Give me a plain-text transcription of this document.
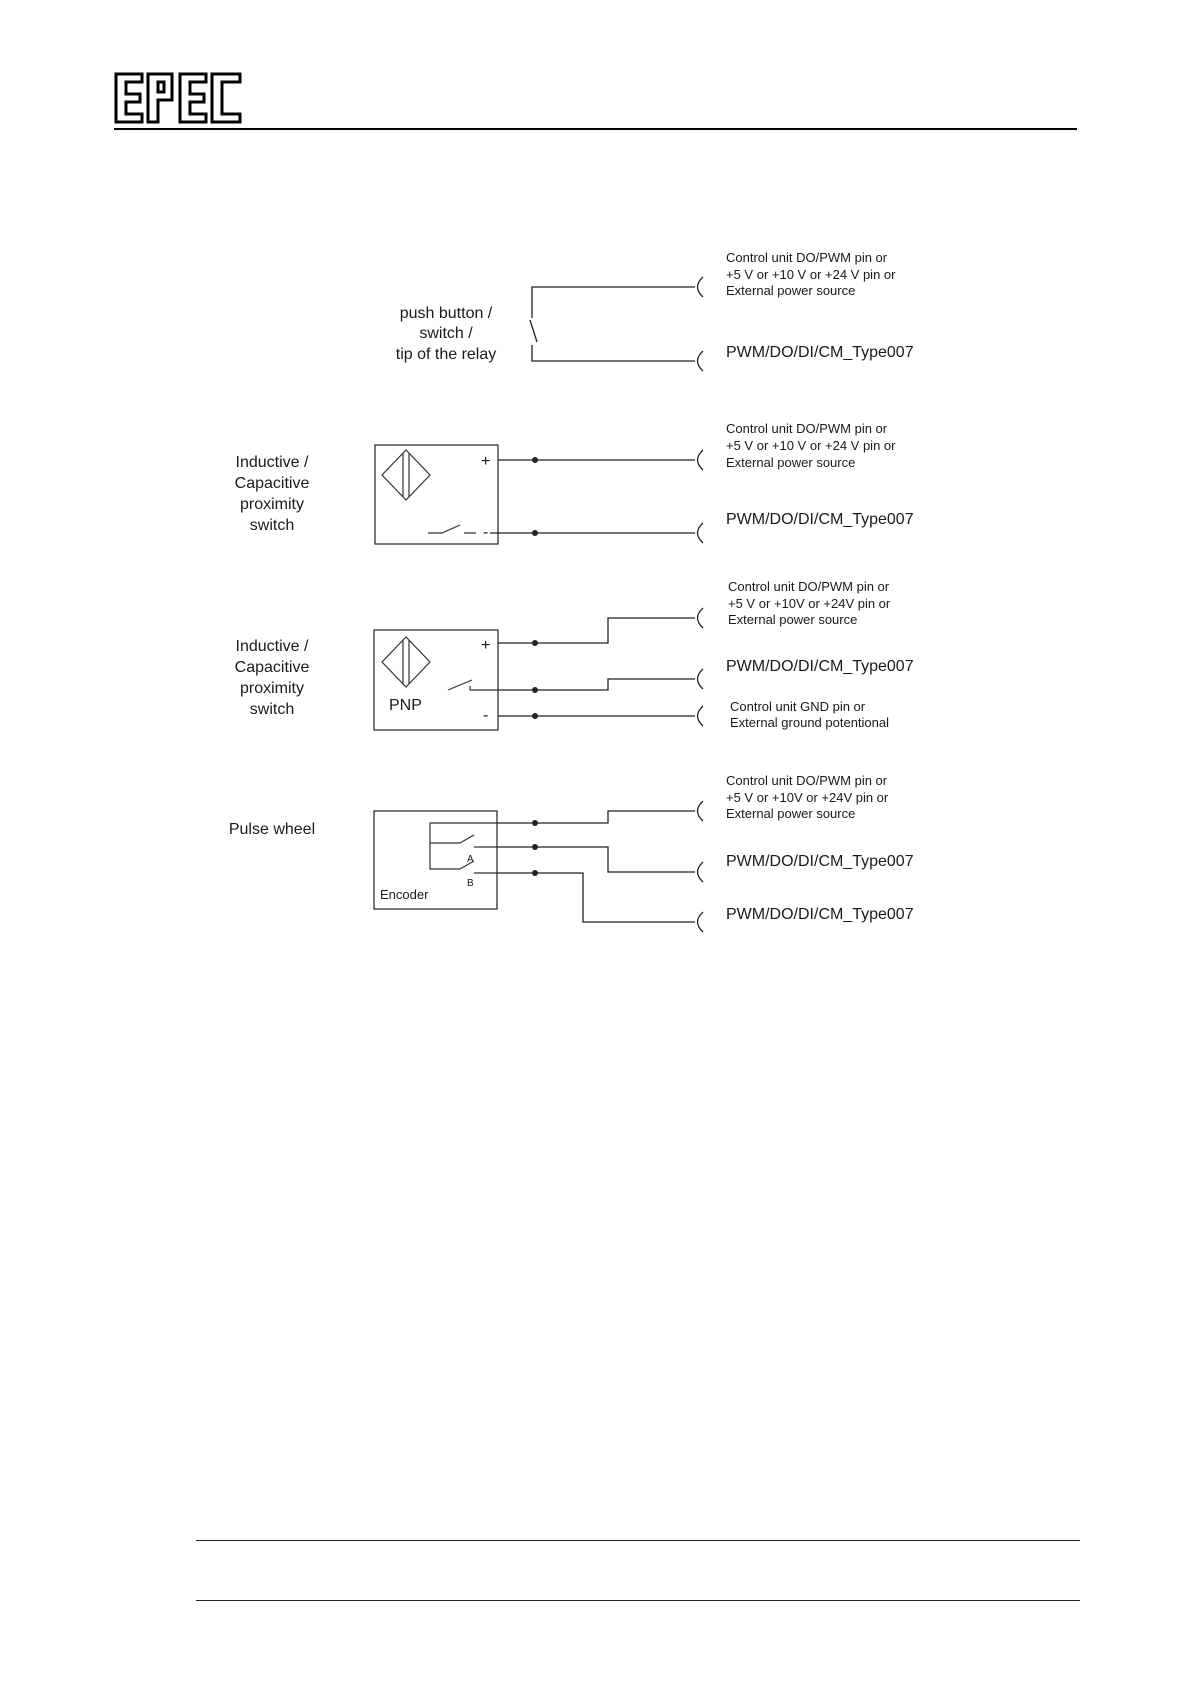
push button /
switch /
tip of the relay
Control unit DO/PWM pin or
+5 V or +10 V or +24 V pin or
External power source
PWM/DO/DI/CM_Type007
Inductive /
Capacitive
proximity
switch
+
-
Control unit DO/PWM pin or
+5 V or +10 V or +24 V pin or
External power source
PWM/DO/DI/CM_Type007
Inductive /
Capacitive
proximity
switch	PNP
+
-
Control unit DO/PWM pin or
+5 V or +10V or +24V pin or
External power source
PWM/DO/DI/CM_Type007
Control unit GND pin or
External ground potentional
Pulse wheel
Encoder
A
B
Control unit DO/PWM pin or
+5 V or +10V or +24V pin or
External power source
PWM/DO/DI/CM_Type007
PWM/DO/DI/CM_Type007
